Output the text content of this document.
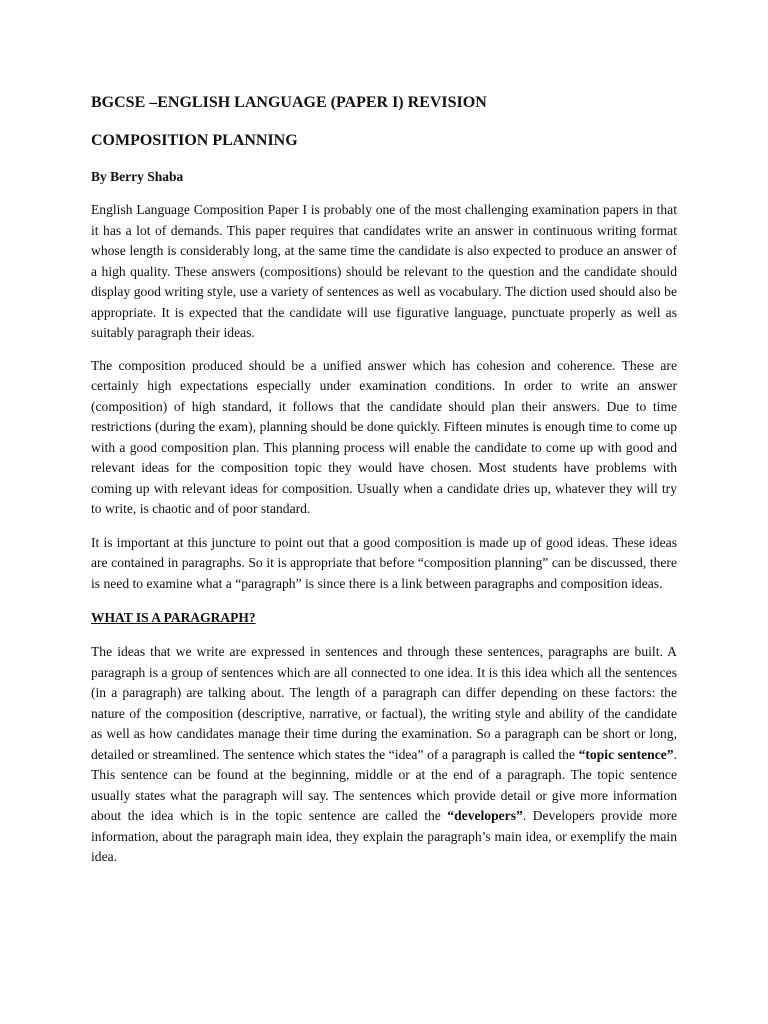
BGCSE –ENGLISH LANGUAGE (PAPER I) REVISION
COMPOSITION PLANNING
By Berry Shaba

English Language Composition Paper I is probably one of the most challenging examination papers in that it has a lot of demands. This paper requires that candidates write an answer in continuous writing format whose length is considerably long, at the same time the candidate is also expected to produce an answer of a high quality. These answers (compositions) should be relevant to the question and the candidate should display good writing style, use a variety of sentences as well as vocabulary. The diction used should also be appropriate. It is expected that the candidate will use figurative language, punctuate properly as well as suitably paragraph their ideas.

The composition produced should be a unified answer which has cohesion and coherence. These are certainly high expectations especially under examination conditions. In order to write an answer (composition) of high standard, it follows that the candidate should plan their answers. Due to time restrictions (during the exam), planning should be done quickly. Fifteen minutes is enough time to come up with a good composition plan. This planning process will enable the candidate to come up with good and relevant ideas for the composition topic they would have chosen. Most students have problems with coming up with relevant ideas for composition. Usually when a candidate dries up, whatever they will try to write, is chaotic and of poor standard.

It is important at this juncture to point out that a good composition is made up of good ideas. These ideas are contained in paragraphs. So it is appropriate that before “composition planning” can be discussed, there is need to examine what a “paragraph” is since there is a link between paragraphs and composition ideas.

WHAT IS A PARAGRAPH?

The ideas that we write are expressed in sentences and through these sentences, paragraphs are built. A paragraph is a group of sentences which are all connected to one idea. It is this idea which all the sentences (in a paragraph) are talking about. The length of a paragraph can differ depending on these factors: the nature of the composition (descriptive, narrative, or factual), the writing style and ability of the candidate as well as how candidates manage their time during the examination. So a paragraph can be short or long, detailed or streamlined. The sentence which states the “idea” of a paragraph is called the “topic sentence”. This sentence can be found at the beginning, middle or at the end of a paragraph. The topic sentence usually states what the paragraph will say. The sentences which provide detail or give more information about the idea which is in the topic sentence are called the “developers”. Developers provide more information, about the paragraph main idea, they explain the paragraph’s main idea, or exemplify the main idea.
